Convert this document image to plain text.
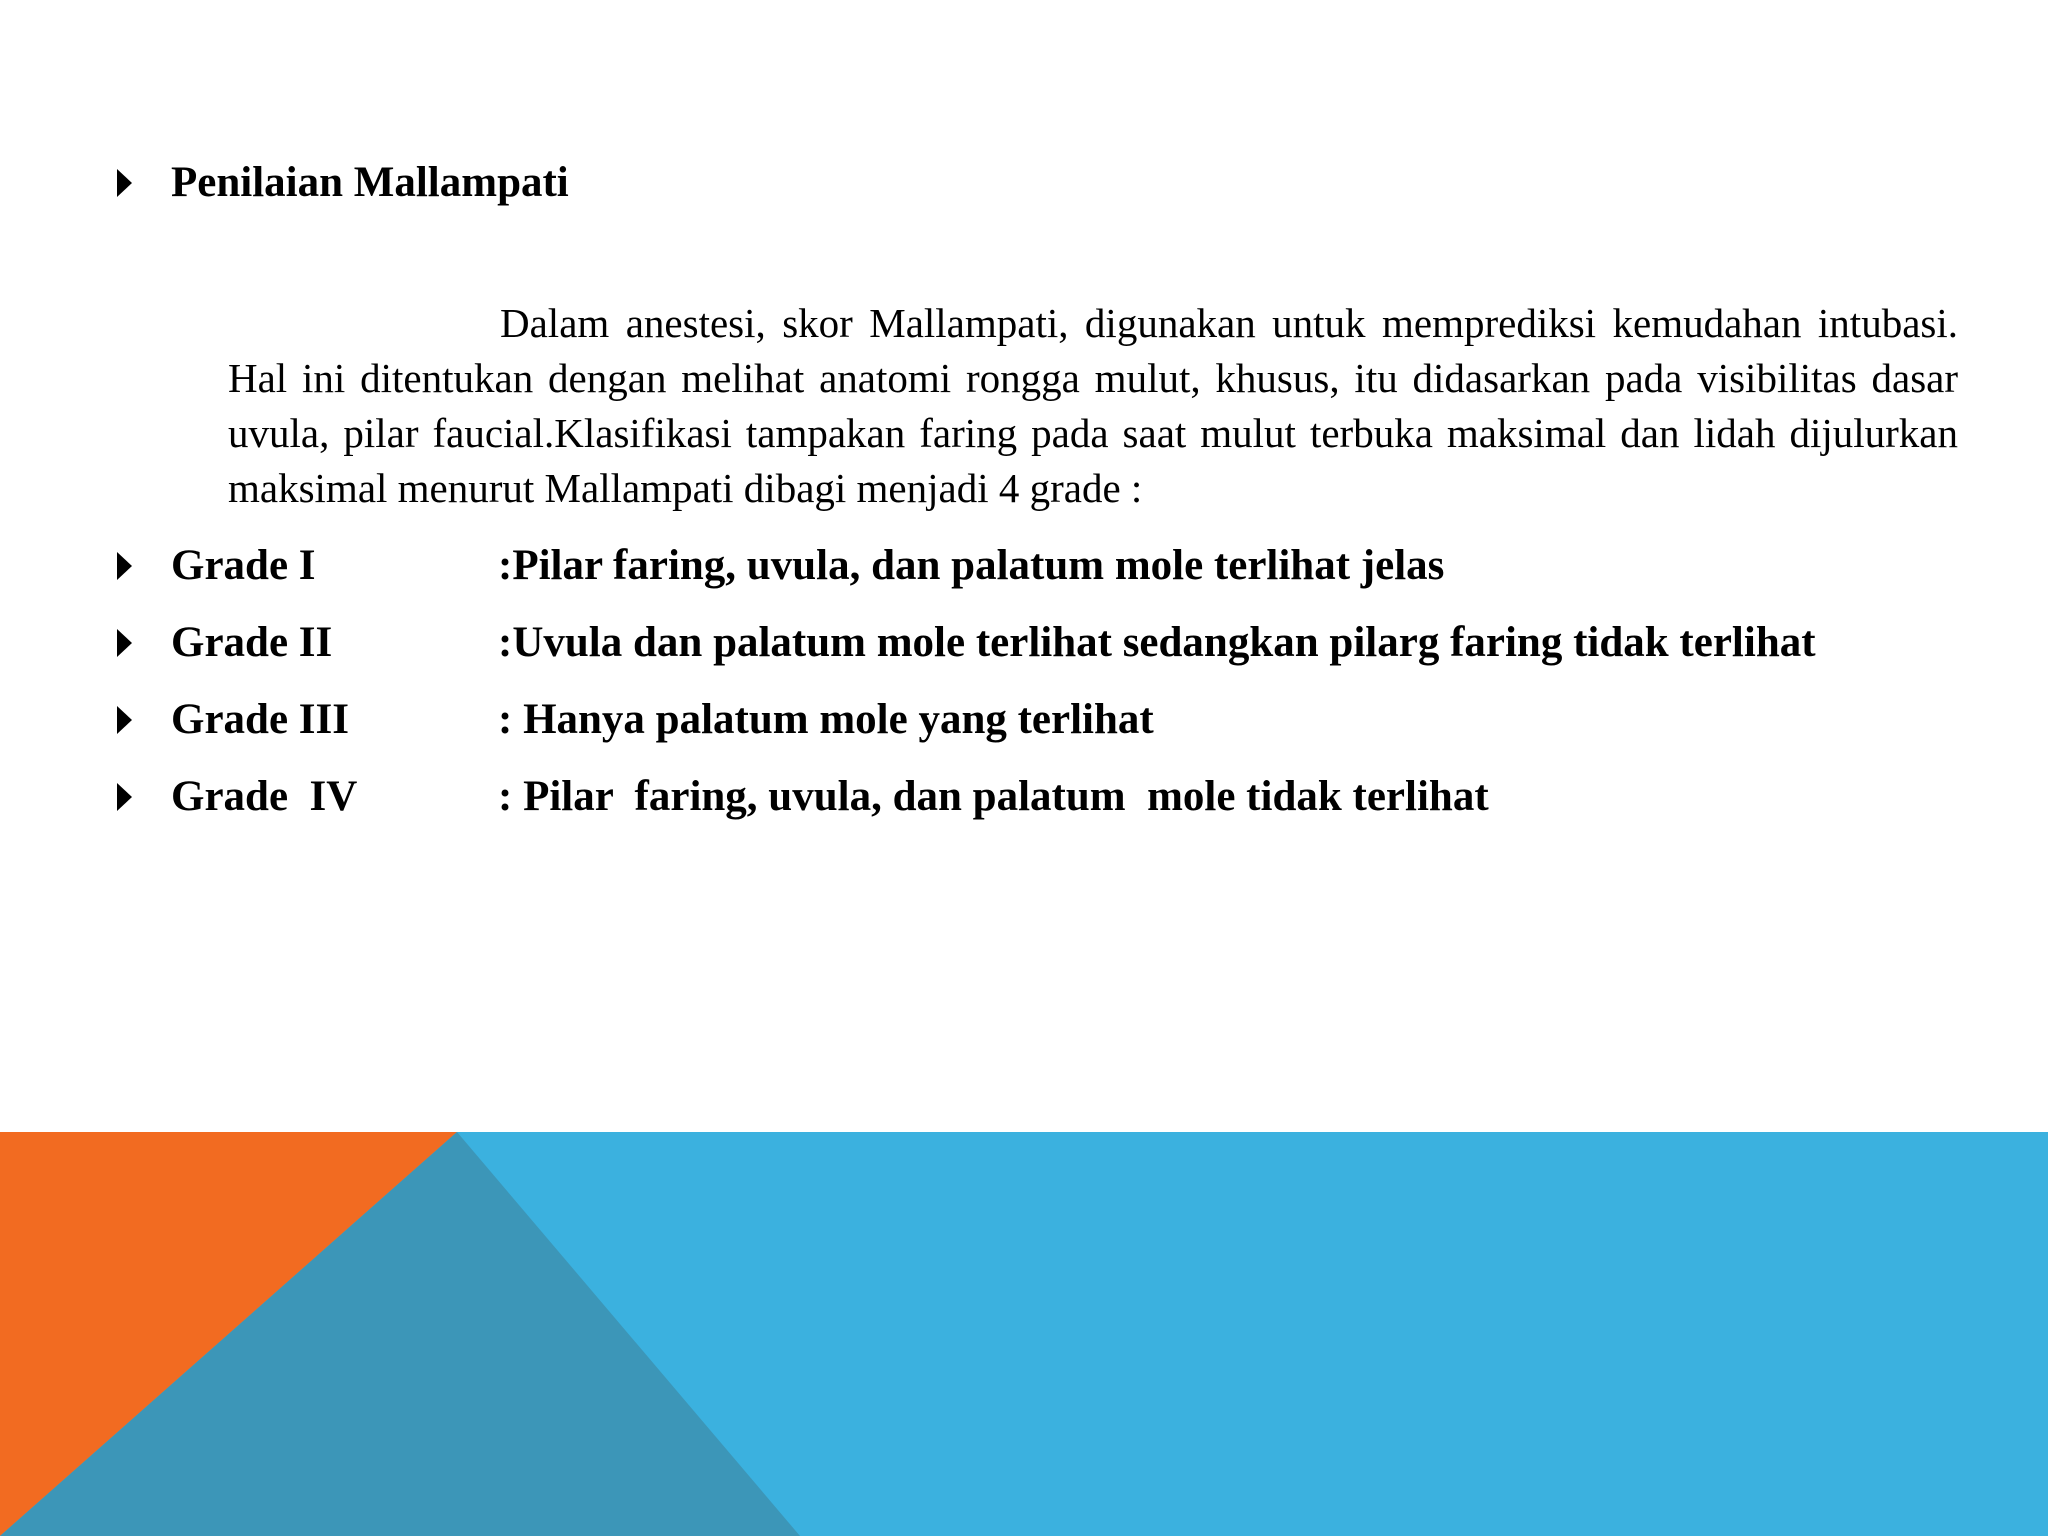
Penilaian Mallampati
Dalam anestesi, skor Mallampati, digunakan untuk memprediksi kemudahan intubasi. Hal ini ditentukan dengan melihat anatomi rongga mulut, khusus, itu didasarkan pada visibilitas dasar uvula, pilar faucial.Klasifikasi tampakan faring pada saat mulut terbuka maksimal dan lidah dijulurkan maksimal menurut Mallampati dibagi menjadi 4 grade :
Grade I	:Pilar faring, uvula, dan palatum mole terlihat jelas
Grade II	:Uvula dan palatum mole terlihat sedangkan pilarg faring tidak terlihat
Grade III	: Hanya palatum mole yang terlihat
Grade  IV	: Pilar  faring, uvula, dan palatum  mole tidak terlihat
